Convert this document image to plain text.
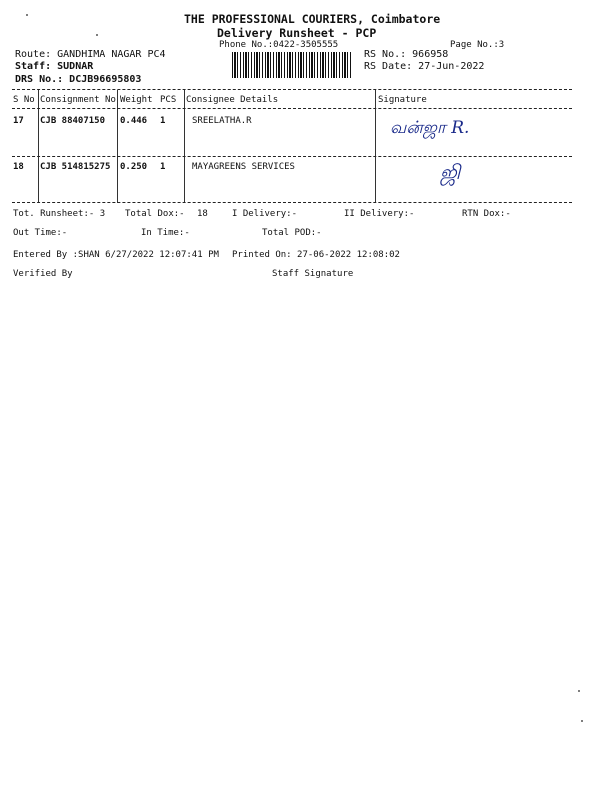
THE PROFESSIONAL COURIERS, Coimbatore
Delivery Runsheet - PCP
Phone No.:0422-3505555	Page No.:3
Route: GANDHIMA NAGAR PC4
Staff: SUDNAR
DRS No.: DCJB96695803
RS No.: 966958
RS Date: 27-Jun-2022
S No Consignment No Weight PCS Consignee Details	Signature
17 CJB 88407150 0.446 1	SREELATHA.R	வன்ஜா R.
18 CJB 514815275 0.250 1	MAYAGREENS SERVICES	ஜி
Tot. Runsheet:- 3 Total Dox:- 18	I Delivery:-	II Delivery:-	RTN Dox:-
Out Time:-	In Time:-	Total POD:-
Entered By :SHAN 6/27/2022 12:07:41 PM Printed On: 27-06-2022 12:08:02
Verified By	Staff Signature
